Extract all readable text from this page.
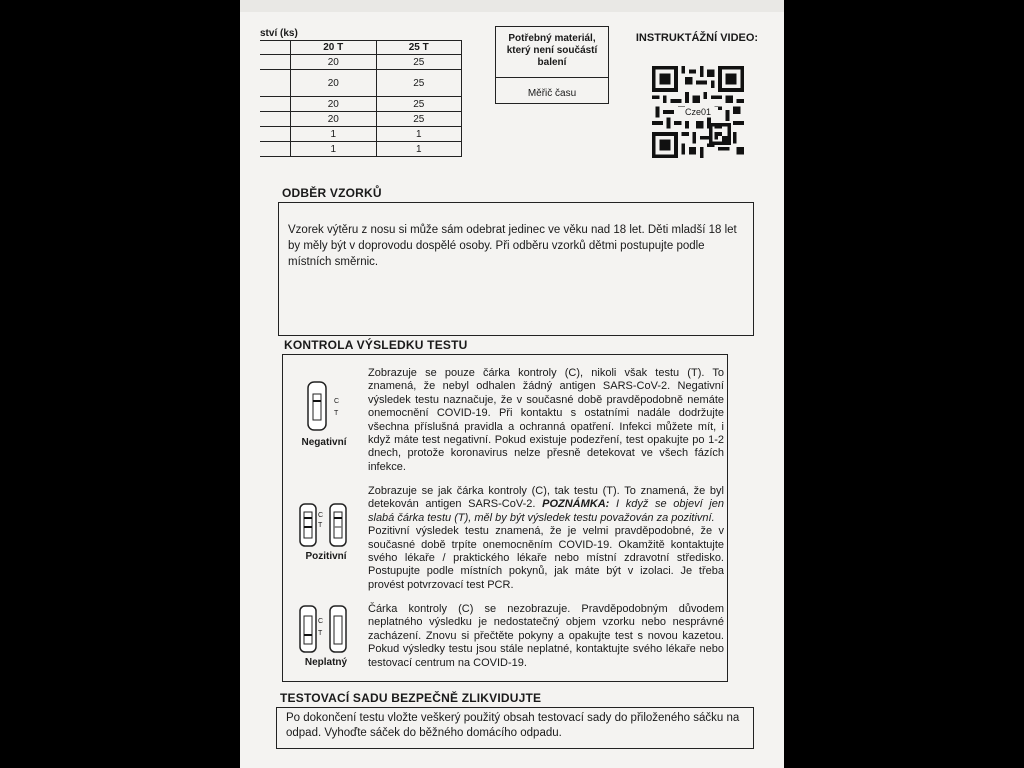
ství (ks)
	20 T	25 T
	20	25
	20	25
	20	25
	20	25
	1	1
	1	1
Potřebný materiál, který není součástí balení
Měřič času
INSTRUKTÁŽNÍ VIDEO:
Cze01
ODBĚR VZORKŮ
Vzorek výtěru z nosu si může sám odebrat jedinec ve věku nad 18 let. Děti mladší 18 let by měly být v doprovodu dospělé osoby. Při odběru vzorků dětmi postupujte podle místních směrnic.
KONTROLA VÝSLEDKU TESTU
C
T
Negativní
Zobrazuje se pouze čárka kontroly (C), nikoli však testu (T). To znamená, že nebyl odhalen žádný antigen SARS-CoV-2. Negativní výsledek testu naznačuje, že v současné době pravděpodobně nemáte onemocnění COVID-19. Při kontaktu s ostatními nadále dodržujte všechna příslušná pravidla a ochranná opatření. Infekci můžete mít, i když máte test negativní. Pokud existuje podezření, test opakujte po 1-2 dnech, protože koronavirus nelze přesně detekovat ve všech fázích infekce.
C
T
Pozitivní
Zobrazuje se jak čárka kontroly (C), tak testu (T). To znamená, že byl detekován antigen SARS-CoV-2. POZNÁMKA: I když se objeví jen slabá čárka testu (T), měl by být výsledek testu považován za pozitivní.
Pozitivní výsledek testu znamená, že je velmi pravděpodobné, že v současné době trpíte onemocněním COVID-19. Okamžitě kontaktujte svého lékaře / praktického lékaře nebo místní zdravotní středisko. Postupujte podle místních pokynů, jak máte být v izolaci. Je třeba provést potvrzovací test PCR.
C
T
Neplatný
Čárka kontroly (C) se nezobrazuje. Pravděpodobným důvodem neplatného výsledku je nedostatečný objem vzorku nebo nesprávné zacházení. Znovu si přečtěte pokyny a opakujte test s novou kazetou. Pokud výsledky testu jsou stále neplatné, kontaktujte svého lékaře nebo testovací centrum na COVID-19.
TESTOVACÍ SADU BEZPEČNĚ ZLIKVIDUJTE
Po dokončení testu vložte veškerý použitý obsah testovací sady do přiloženého sáčku na odpad. Vyhoďte sáček do běžného domácího odpadu.
